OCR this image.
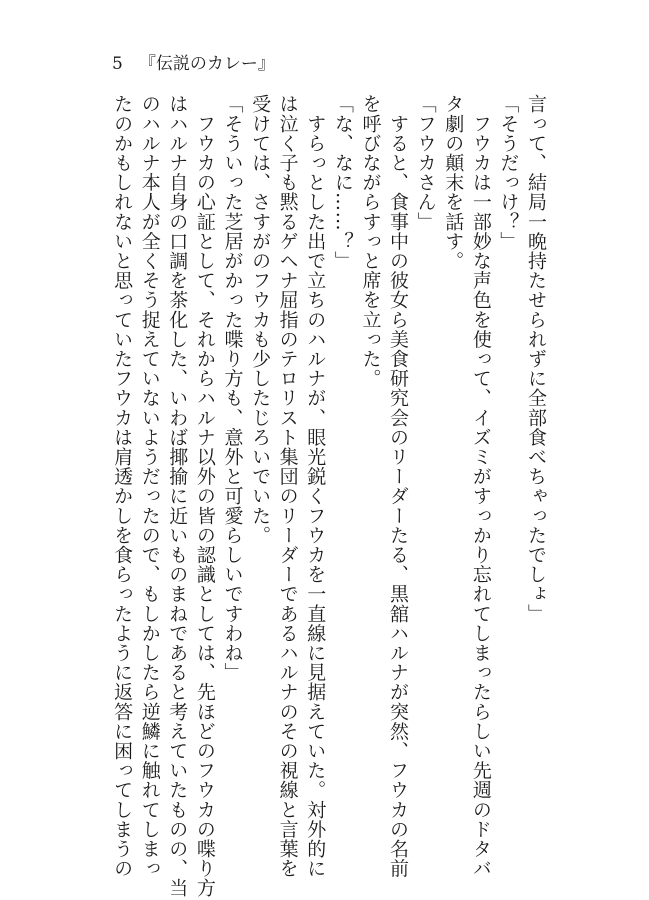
5 『伝説のカレー』
言って、結局一晩持たせられずに全部食べちゃったでしょ」
「そうだっけ？」
　フウカは一部妙な声色を使って、イズミがすっかり忘れてしまったらしい先週のドタバ
タ劇の顛末を話す。
「フウカさん」
　すると、食事中の彼女ら美食研究会のリーダーたる、黒舘ハルナが突然、フウカの名前
を呼びながらすっと席を立った。
「な、なに……？」
　すらっとした出で立ちのハルナが、眼光鋭くフウカを一直線に見据えていた。対外的に
は泣く子も黙るゲヘナ屈指のテロリスト集団のリーダーであるハルナのその視線と言葉を
受けては、さすがのフウカも少したじろいでいた。
「そういった芝居がかった喋り方も、意外と可愛らしいですわね」
　フウカの心証として、それからハルナ以外の皆の認識としては、先ほどのフウカの喋り方
はハルナ自身の口調を茶化した、いわば揶揄に近いものまねであると考えていたものの、当
のハルナ本人が全くそう捉えていないようだったので、もしかしたら逆鱗に触れてしまっ
たのかもしれないと思っていたフウカは肩透かしを食らったように返答に困ってしまうの
